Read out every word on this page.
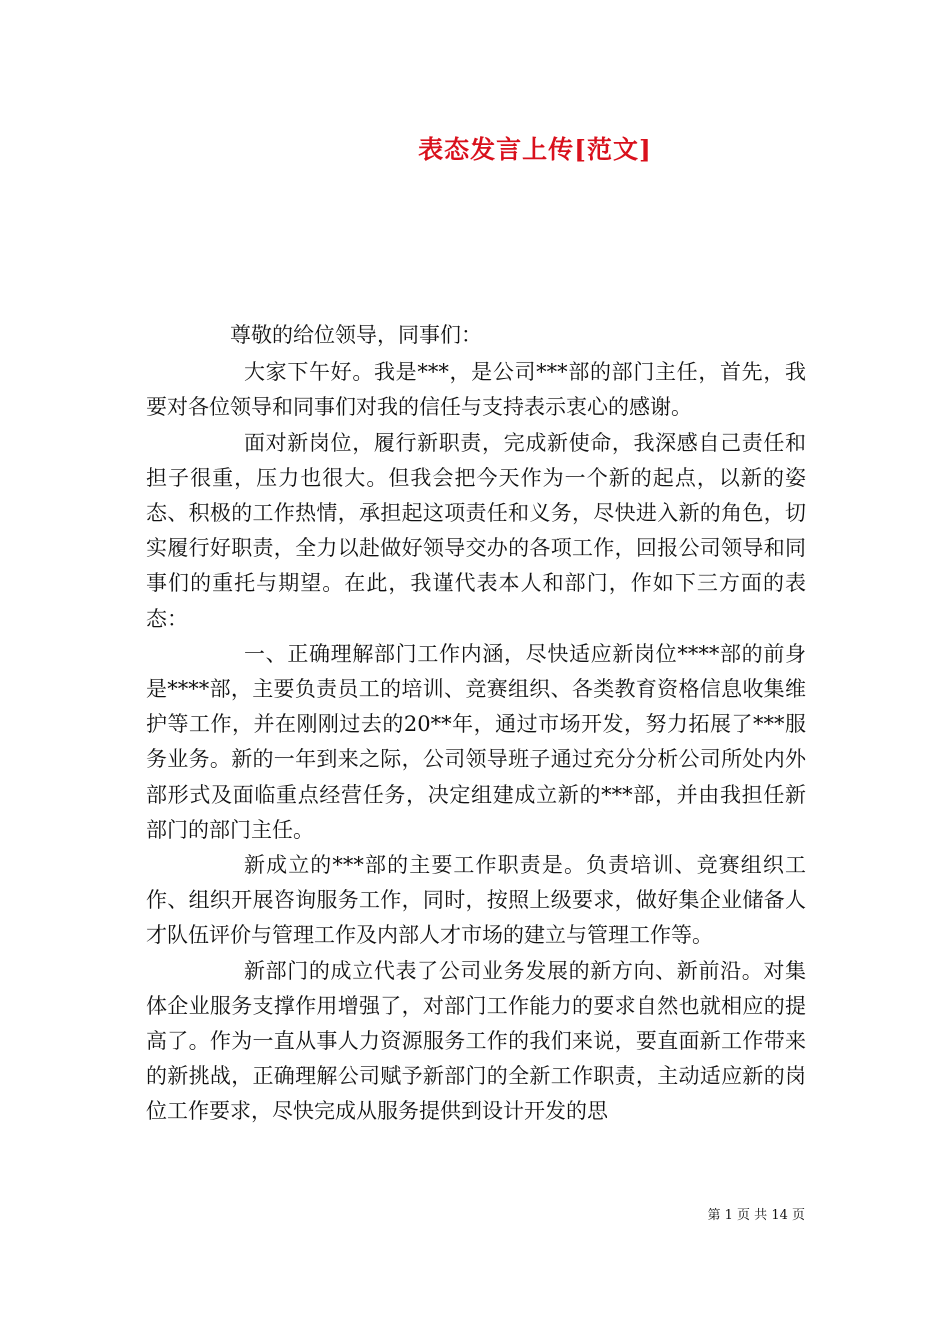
表态发言上传[范文]

尊敬的给位领导，同事们：

大家下午好。我是***，是公司***部的部门主任，首先，我要对各位领导和同事们对我的信任与支持表示衷心的感谢。

面对新岗位，履行新职责，完成新使命，我深感自己责任和担子很重，压力也很大。但我会把今天作为一个新的起点，以新的姿态、积极的工作热情，承担起这项责任和义务，尽快进入新的角色，切实履行好职责，全力以赴做好领导交办的各项工作，回报公司领导和同事们的重托与期望。在此，我谨代表本人和部门，作如下三方面的表态：

一、正确理解部门工作内涵，尽快适应新岗位****部的前身是****部，主要负责员工的培训、竞赛组织、各类教育资格信息收集维护等工作，并在刚刚过去的20**年，通过市场开发，努力拓展了***服务业务。新的一年到来之际，公司领导班子通过充分分析公司所处内外部形式及面临重点经营任务，决定组建成立新的***部，并由我担任新部门的部门主任。

新成立的***部的主要工作职责是。负责培训、竞赛组织工作、组织开展咨询服务工作，同时，按照上级要求，做好集企业储备人才队伍评价与管理工作及内部人才市场的建立与管理工作等。

新部门的成立代表了公司业务发展的新方向、新前沿。对集体企业服务支撑作用增强了，对部门工作能力的要求自然也就相应的提高了。作为一直从事人力资源服务工作的我们来说，要直面新工作带来的新挑战，正确理解公司赋予新部门的全新工作职责，主动适应新的岗位工作要求，尽快完成从服务提供到设计开发的思

第 1 页 共 14 页
